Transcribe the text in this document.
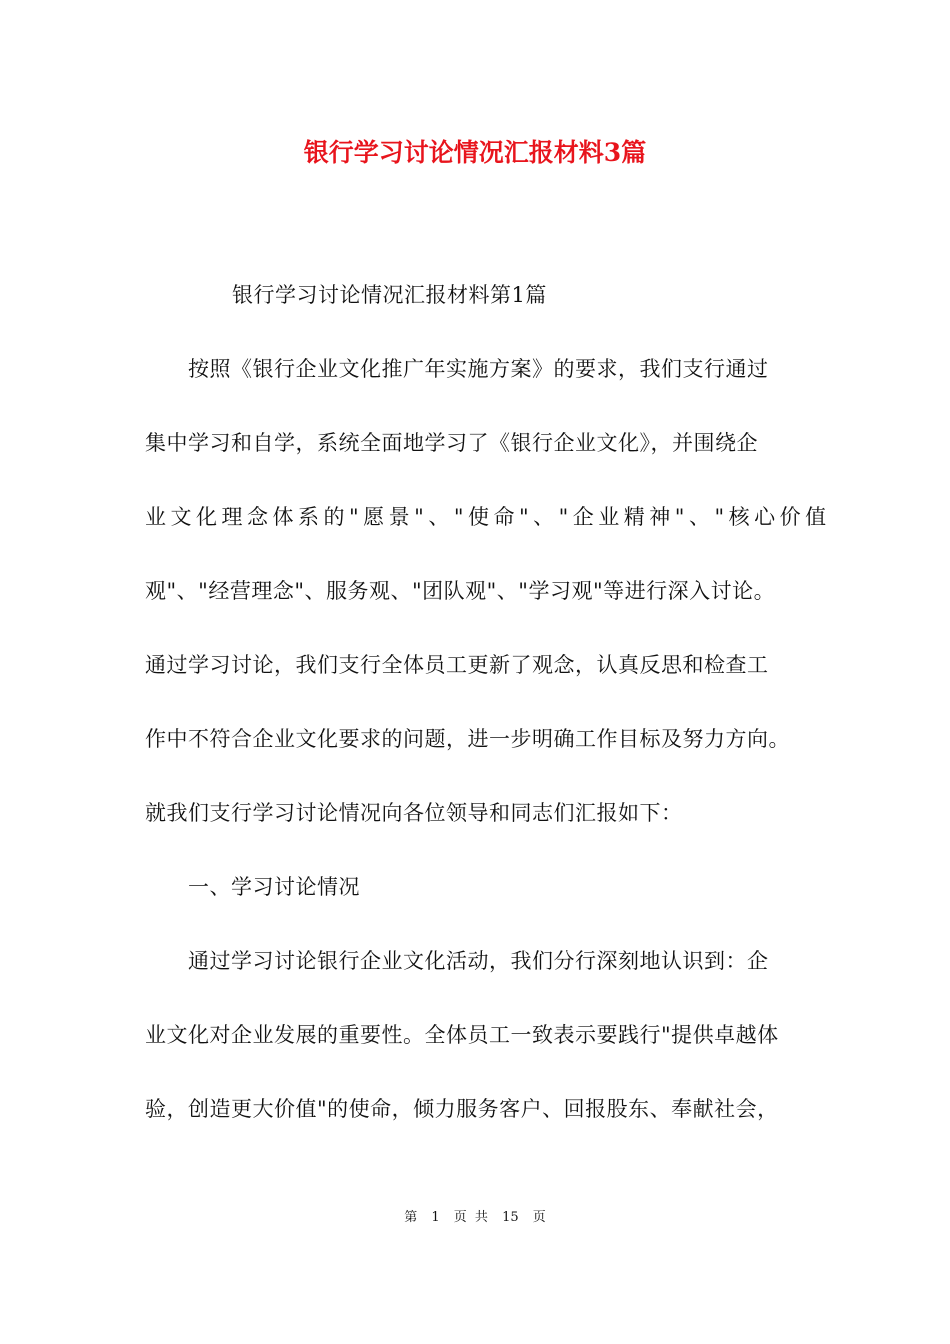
银行学习讨论情况汇报材料3篇

银行学习讨论情况汇报材料第1篇

按照《银行企业文化推广年实施方案》的要求，我们支行通过

集中学习和自学，系统全面地学习了《银行企业文化》，并围绕企

业文化理念体系的"愿景"、"使命"、"企业精神"、"核心价值

观"、"经营理念"、服务观、"团队观"、"学习观"等进行深入讨论。

通过学习讨论，我们支行全体员工更新了观念，认真反思和检查工

作中不符合企业文化要求的问题，进一步明确工作目标及努力方向。

就我们支行学习讨论情况向各位领导和同志们汇报如下：

一、学习讨论情况

通过学习讨论银行企业文化活动，我们分行深刻地认识到：企

业文化对企业发展的重要性。全体员工一致表示要践行"提供卓越体

验，创造更大价值"的使命，倾力服务客户、回报股东、奉献社会，

第 1 页 共 15 页
